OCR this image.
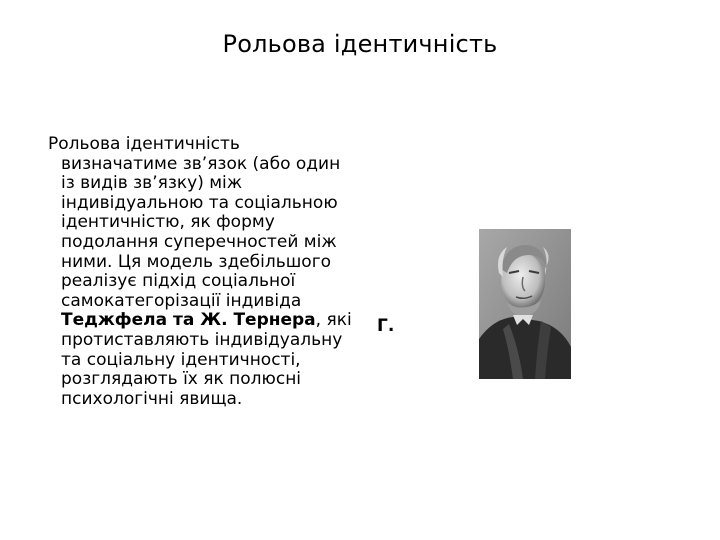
Рольова ідентичність
Рольова ідентичність
визначатиме зв’язок (або один
із видів зв’язку) між
індивідуальною та соціальною
ідентичністю, як форму
подолання суперечностей між
ними. Ця модель здебільшого
реалізує підхід соціальної
самокатегорізації індивіда
Теджфела та Ж. Тернера, які
протиставляють індивідуальну
та соціальну ідентичності,
розглядають їх як полюсні
психологічні явища.
Г.
